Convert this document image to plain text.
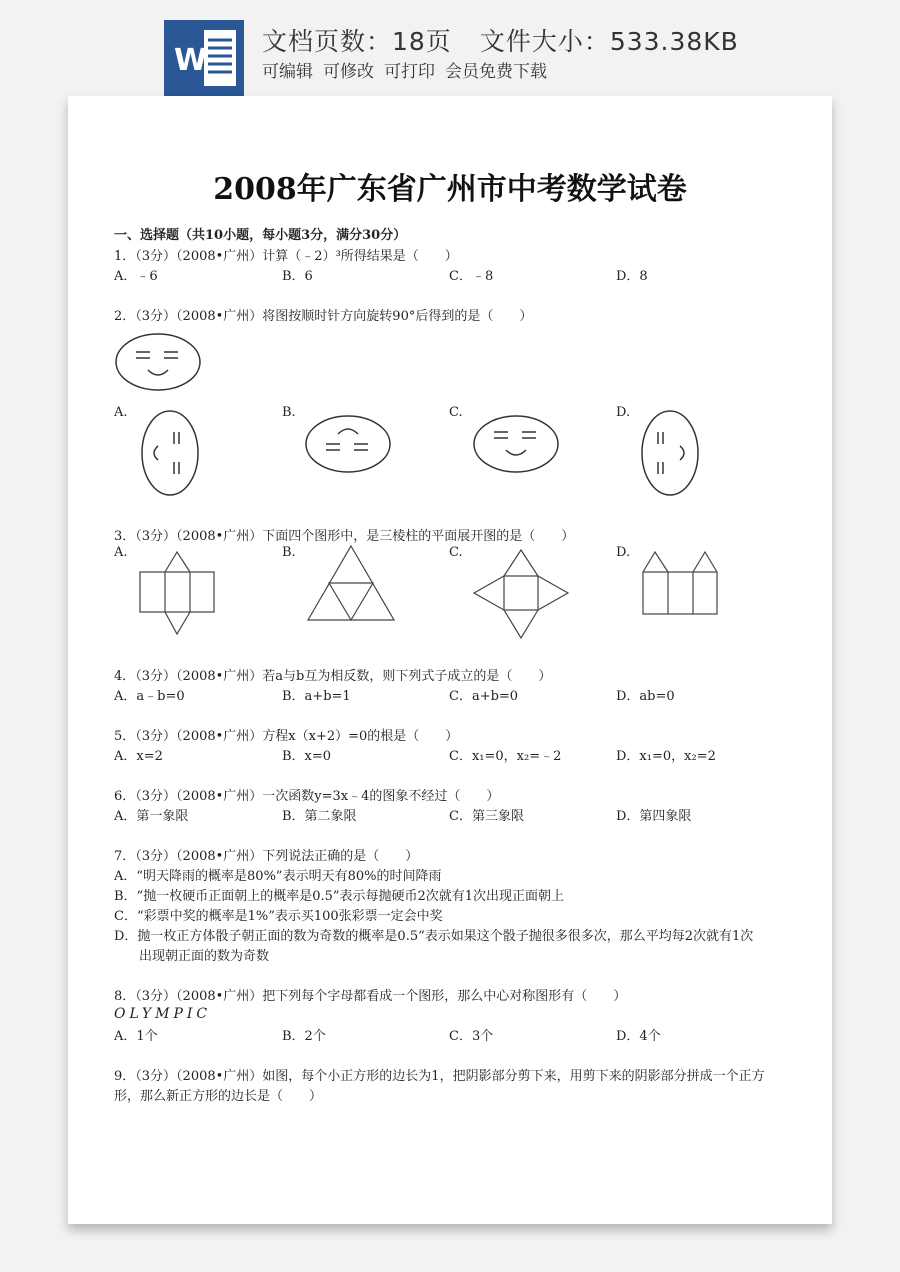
W
文档页数：18页 文件大小：533.38KB
可编辑 可修改 可打印 会员免费下载
2008年广东省广州市中考数学试卷
一、选择题（共10小题，每小题3分，满分30分）
1．（3分）（2008•广州）计算（﹣2）³所得结果是（　　）
A．﹣6	B．6	C．﹣8	D．8
2．（3分）（2008•广州）将图按顺时针方向旋转90°后得到的是（　　）
A.	B.	C.	D.
3．（3分）（2008•广州）下面四个图形中，是三棱柱的平面展开图的是（　　）
A.	B.	C.	D.
4．（3分）（2008•广州）若a与b互为相反数，则下列式子成立的是（　　）
A．a﹣b=0	B．a+b=1	C．a+b=0	D．ab=0
5．（3分）（2008•广州）方程x（x+2）=0的根是（　　）
A．x=2	B．x=0	C．x₁=0，x₂=﹣2	D．x₁=0，x₂=2
6．（3分）（2008•广州）一次函数y=3x﹣4的图象不经过（　　）
A．第一象限	B．第二象限	C．第三象限	D．第四象限
7．（3分）（2008•广州）下列说法正确的是（　　）
A．“明天降雨的概率是80%”表示明天有80%的时间降雨
B．“抛一枚硬币正面朝上的概率是0.5”表示每抛硬币2次就有1次出现正面朝上
C．“彩票中奖的概率是1%”表示买100张彩票一定会中奖
D．抛一枚正方体骰子朝正面的数为奇数的概率是0.5“表示如果这个骰子抛很多很多次，那么平均每2次就有1次
出现朝正面的数为奇数
8．（3分）（2008•广州）把下列每个字母都看成一个图形，那么中心对称图形有（　　）
OLYMPIC
A．1个	B．2个	C．3个	D．4个
9．（3分）（2008•广州）如图，每个小正方形的边长为1，把阴影部分剪下来，用剪下来的阴影部分拼成一个正方
形，那么新正方形的边长是（　　）
